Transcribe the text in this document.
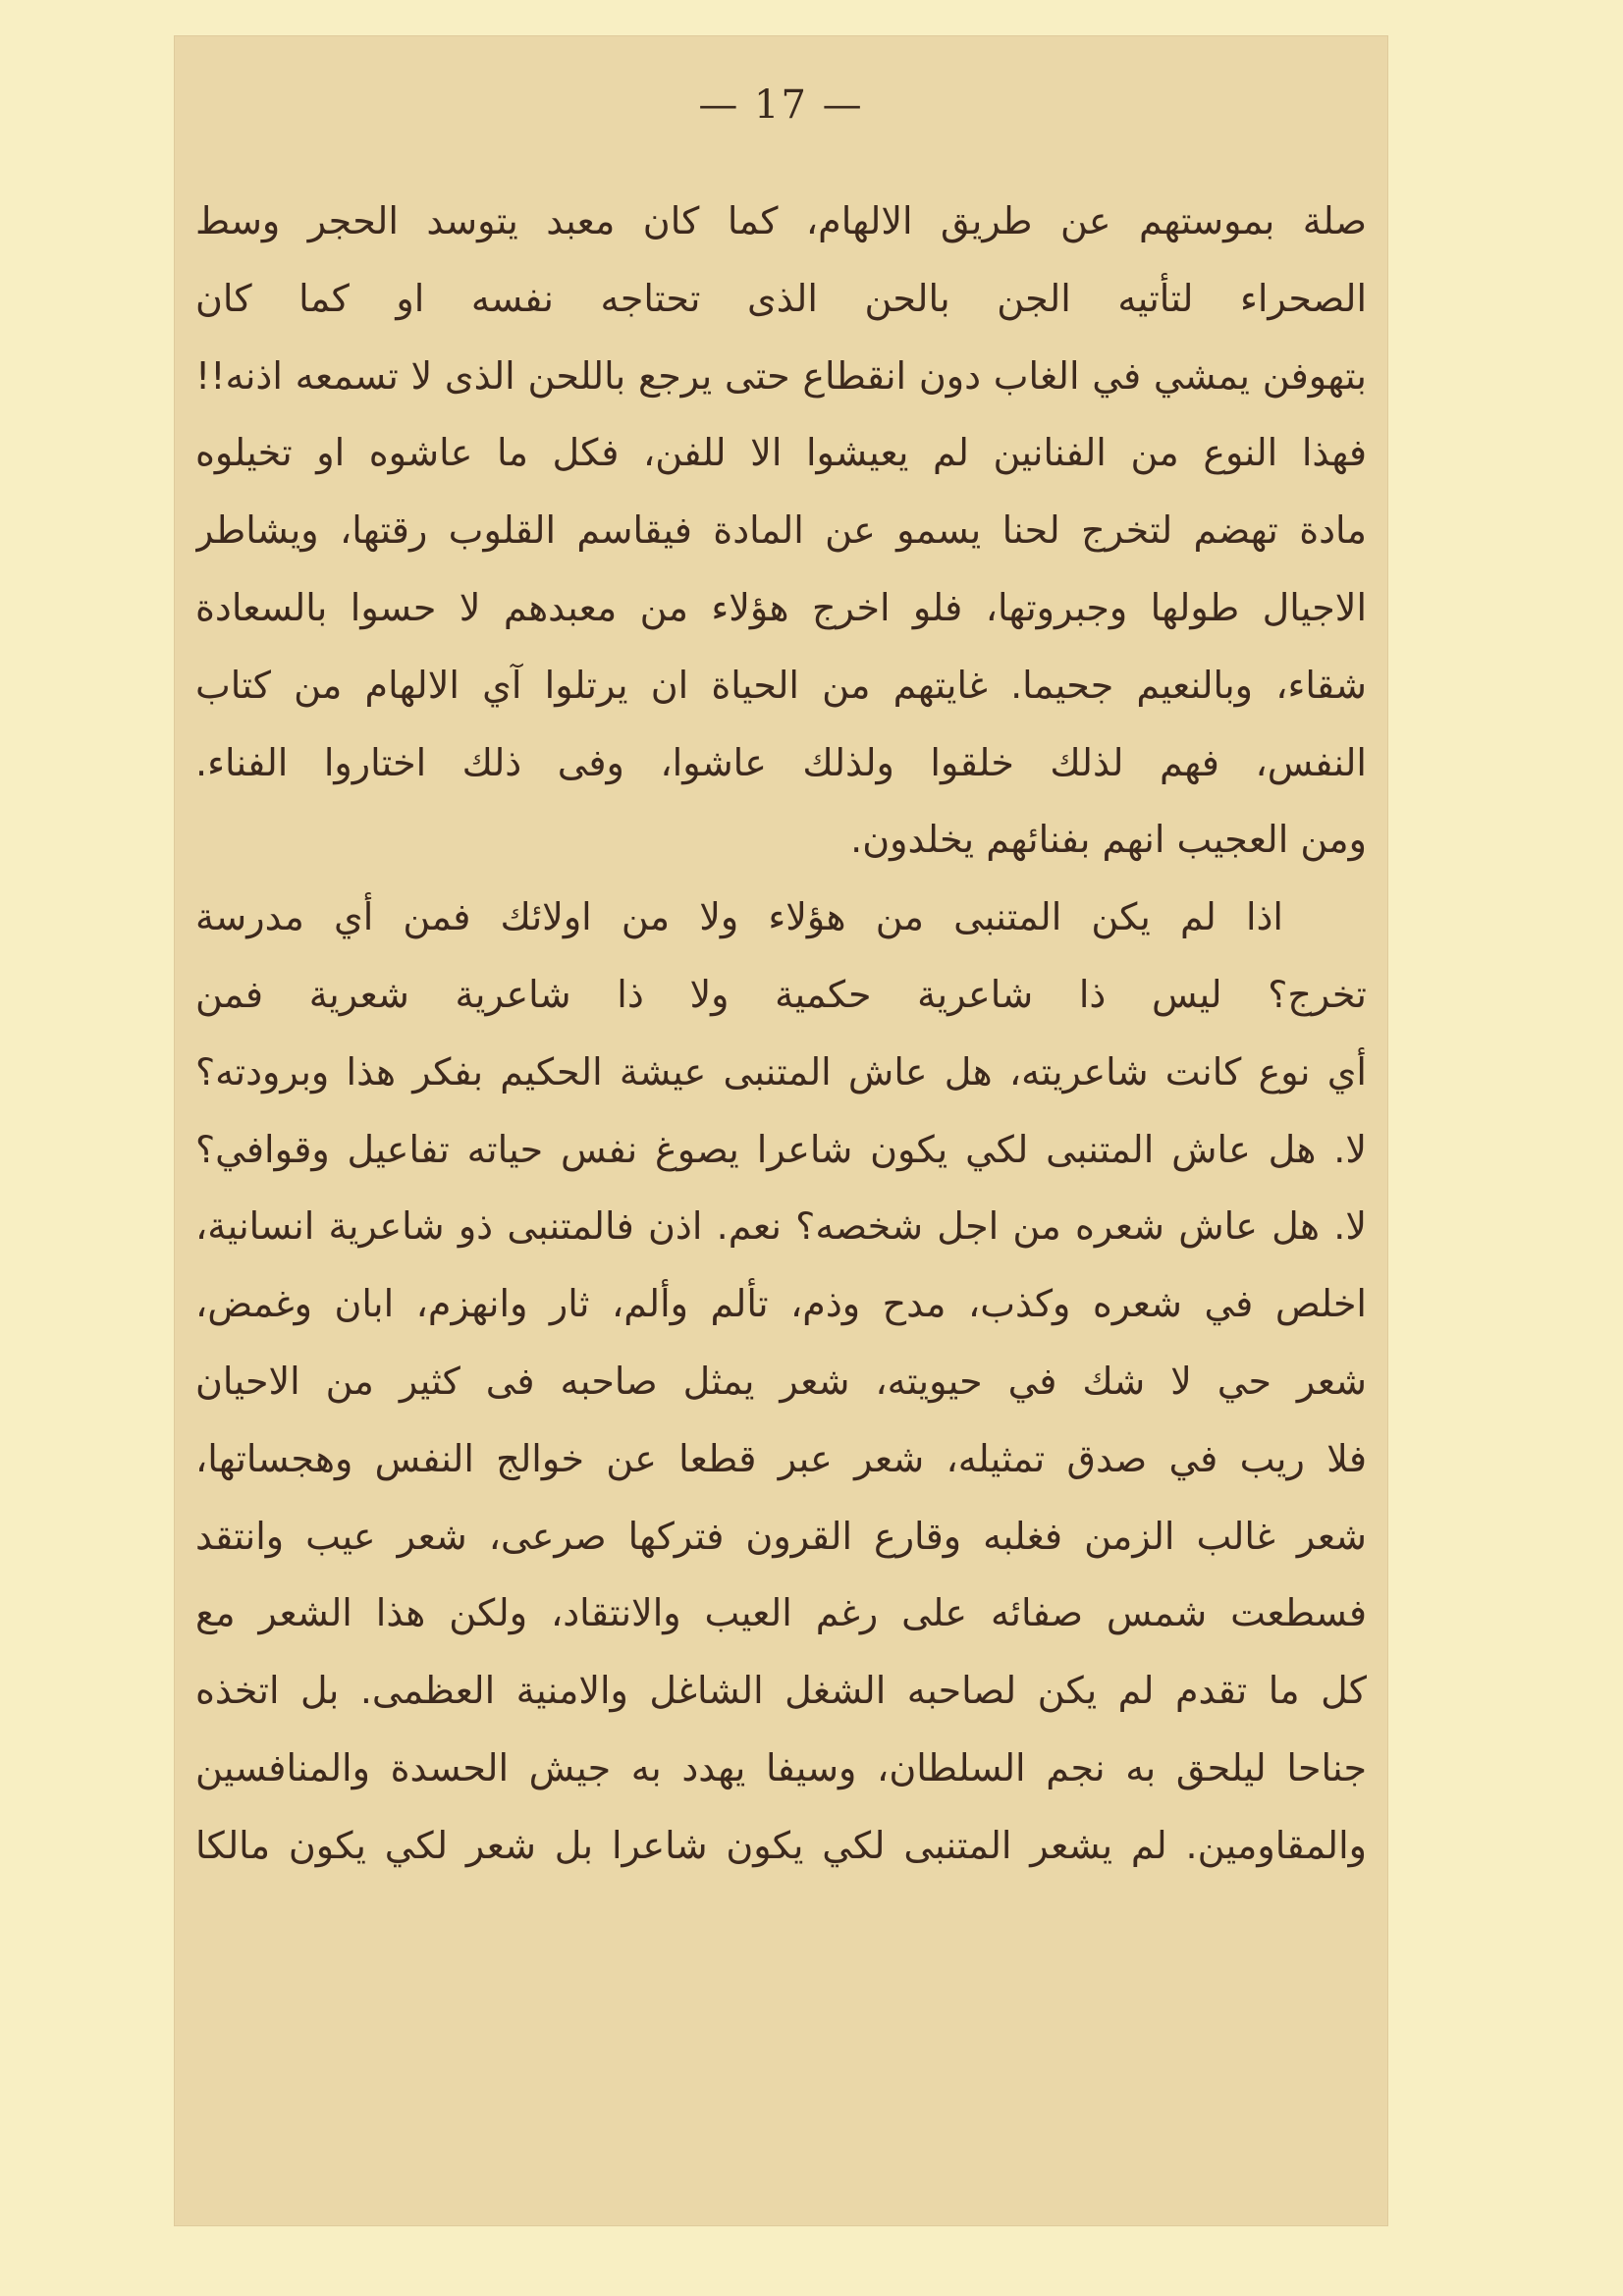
— 17 —
صلة بموستهم عن طريق الالهام، كما كان معبد يتوسد الحجر وسط
الصحراء لتأتيه الجن بالحن الذى تحتاجه نفسه او كما كان
بتهوفن يمشي في الغاب دون انقطاع حتى يرجع باللحن الذى لا تسمعه اذنه!!
فهذا النوع من الفنانين لم يعيشوا الا للفن، فكل ما عاشوه او تخيلوه
مادة تهضم لتخرج لحنا يسمو عن المادة فيقاسم القلوب رقتها، ويشاطر
الاجيال طولها وجبروتها، فلو اخرج هؤلاء من معبدهم لا حسوا بالسعادة
شقاء، وبالنعيم جحيما. غايتهم من الحياة ان يرتلوا آي الالهام من كتاب
النفس، فهم لذلك خلقوا ولذلك عاشوا، وفى ذلك اختاروا الفناء.
ومن العجيب انهم بفنائهم يخلدون.
اذا لم يكن المتنبى من هؤلاء ولا من اولائك فمن أي مدرسة
تخرج؟ ليس ذا شاعرية حكمية ولا ذا شاعرية شعرية فمن
أي نوع كانت شاعريته، هل عاش المتنبى عيشة الحكيم بفكر هذا وبرودته؟
لا. هل عاش المتنبى لكي يكون شاعرا يصوغ نفس حياته تفاعيل وقوافي؟
لا. هل عاش شعره من اجل شخصه؟ نعم. اذن فالمتنبى ذو شاعرية انسانية،
اخلص في شعره وكذب، مدح وذم، تألم وألم، ثار وانهزم، ابان وغمض،
شعر حي لا شك في حيويته، شعر يمثل صاحبه فى كثير من الاحيان
فلا ريب في صدق تمثيله، شعر عبر قطعا عن خوالج النفس وهجساتها،
شعر غالب الزمن فغلبه وقارع القرون فتركها صرعى، شعر عيب وانتقد
فسطعت شمس صفائه على رغم العيب والانتقاد، ولكن هذا الشعر مع
كل ما تقدم لم يكن لصاحبه الشغل الشاغل والامنية العظمى. بل اتخذه
جناحا ليلحق به نجم السلطان، وسيفا يهدد به جيش الحسدة والمنافسين
والمقاومين. لم يشعر المتنبى لكي يكون شاعرا بل شعر لكي يكون مالكا
